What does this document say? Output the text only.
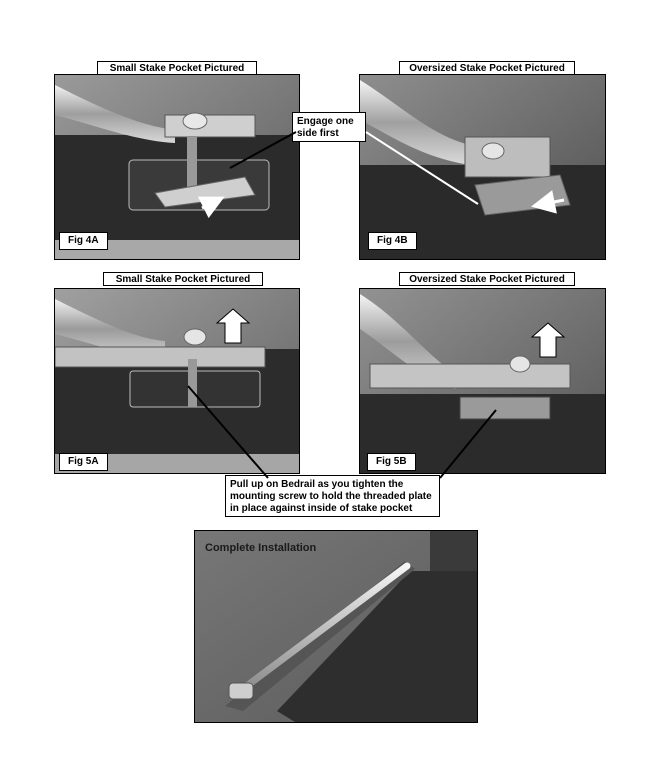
Small Stake Pocket Pictured
Fig 4A
Oversized Stake Pocket Pictured
Fig 4B
Engage one
side first
Small Stake Pocket Pictured
Fig 5A
Oversized Stake Pocket Pictured
Fig 5B
Pull up on Bedrail as you tighten the
mounting screw to hold the threaded plate
in place against inside of stake pocket
Complete Installation
